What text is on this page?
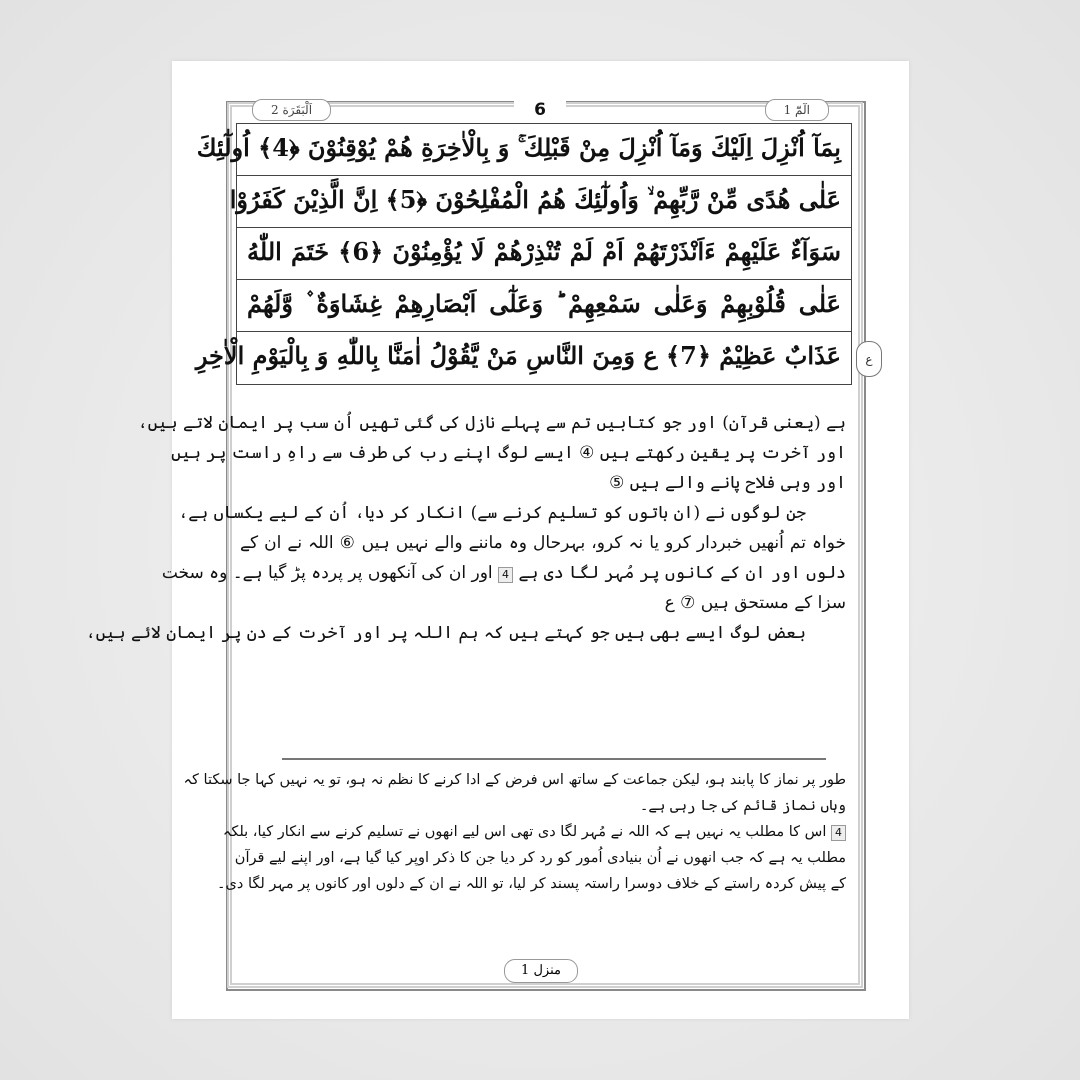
الٓمّٓ 1
6
اَلْبَقَرَة 2
بِمَآ اُنْزِلَ اِلَيْكَ وَمَآ اُنْزِلَ مِنْ قَبْلِكَ ۚ وَ بِالْاٰخِرَةِ هُمْ يُوْقِنُوْنَ ﴿4﴾ اُولٰٓئِكَ
عَلٰى هُدًى مِّنْ رَّبِّهِمْ ۙ وَاُولٰٓئِكَ هُمُ الْمُفْلِحُوْنَ ﴿5﴾ اِنَّ الَّذِيْنَ كَفَرُوْا
سَوَآءٌ عَلَيْهِمْ ءَاَنْذَرْتَهُمْ اَمْ لَمْ تُنْذِرْهُمْ لَا يُؤْمِنُوْنَ ﴿6﴾ خَتَمَ اللّٰهُ
عَلٰى قُلُوْبِهِمْ وَعَلٰى سَمْعِهِمْ ؕ وَعَلٰٓى اَبْصَارِهِمْ غِشَاوَةٌ ۫ وَّلَهُمْ
عَذَابٌ عَظِيْمٌ ﴿7﴾ ع وَمِنَ النَّاسِ مَنْ يَّقُوْلُ اٰمَنَّا بِاللّٰهِ وَ بِالْيَوْمِ الْاٰخِرِ	ع
ہے (یعنی قرآن) اور جو کتابیں تم سے پہلے نازل کی گئی تھیں اُن سب پر ایمان لاتے ہیں،
اور آخرت پر یقین رکھتے ہیں ④ ایسے لوگ اپنے رب کی طرف سے راہِ راست پر ہیں
اور وہی فلاح پانے والے ہیں ⑤
جن لوگوں نے (ان باتوں کو تسلیم کرنے سے) انکار کر دیا، اُن کے لیے یکساں ہے،
خواہ تم اُنھیں خبردار کرو یا نہ کرو، بہرحال وہ ماننے والے نہیں ہیں ⑥ اللہ نے ان کے
دلوں اور ان کے کانوں پر مُہر لگا دی ہے 4 اور ان کی آنکھوں پر پردہ پڑ گیا ہے۔ وہ سخت
سزا کے مستحق ہیں ⑦ ع
بعض لوگ ایسے بھی ہیں جو کہتے ہیں کہ ہم اللہ پر اور آخرت کے دن پر ایمان لائے ہیں،
طور پر نماز کا پابند ہو، لیکن جماعت کے ساتھ اس فرض کے ادا کرنے کا نظم نہ ہو، تو یہ نہیں کہا جا سکتا کہ
وہاں نماز قائم کی جا رہی ہے۔
4 اس کا مطلب یہ نہیں ہے کہ اللہ نے مُہر لگا دی تھی اس لیے انھوں نے تسلیم کرنے سے انکار کیا، بلکہ
مطلب یہ ہے کہ جب انھوں نے اُن بنیادی اُمور کو رد کر دیا جن کا ذکر اوپر کیا گیا ہے، اور اپنے لیے قرآن
کے پیش کردہ راستے کے خلاف دوسرا راستہ پسند کر لیا، تو اللہ نے ان کے دلوں اور کانوں پر مہر لگا دی۔
منزل 1
